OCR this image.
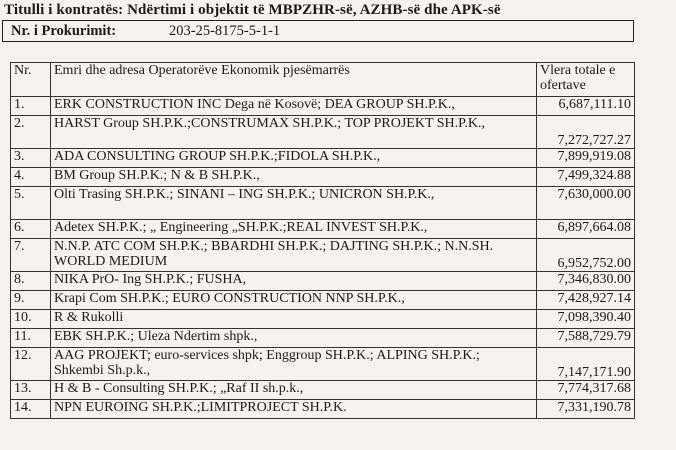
Titulli i kontratës: Ndërtimi i objektit të MBPZHR-së, AZHB-së dhe APK-së
Nr. i Prokurimit:	203-25-8175-5-1-1
Nr.	Emri dhe adresa Operatorëve Ekonomik pjesëmarrës	Vlera totale e ofertave
1.	ERK CONSTRUCTION INC Dega në Kosovë; DEA GROUP SH.P.K.,	6,687,111.10
2.	HARST Group SH.P.K.;CONSTRUMAX SH.P.K.; TOP PROJEKT SH.P.K.,	7,272,727.27
3.	ADA CONSULTING GROUP SH.P.K.;FIDOLA SH.P.K.,	7,899,919.08
4.	BM Group SH.P.K.; N & B SH.P.K.,	7,499,324.88
5.	Olti Trasing SH.P.K.; SINANI – ING SH.P.K.; UNICRON SH.P.K.,	7,630,000.00
6.	Adetex SH.P.K.; „ Engineering „SH.P.K.;REAL INVEST SH.P.K.,	6,897,664.08
7.	N.N.P. ATC COM SH.P.K.; BBARDHI SH.P.K.; DAJTING SH.P.K.; N.N.SH. WORLD MEDIUM	6,952,752.00
8.	NIKA PrO- Ing SH.P.K.; FUSHA,	7,346,830.00
9.	Krapi Com SH.P.K.; EURO CONSTRUCTION NNP SH.P.K.,	7,428,927.14
10.	R & Rukolli	7,098,390.40
11.	EBK SH.P.K.; Uleza Ndertim shpk.,	7,588,729.79
12.	AAG PROJEKT; euro-services shpk; Enggroup SH.P.K.; ALPING SH.P.K.; Shkembi Sh.p.k.,	7,147,171.90
13.	H & B - Consulting SH.P.K.; „Raf II sh.p.k.,	7,774,317.68
14.	NPN EUROING SH.P.K.;LIMITPROJECT SH.P.K.	7,331,190.78
